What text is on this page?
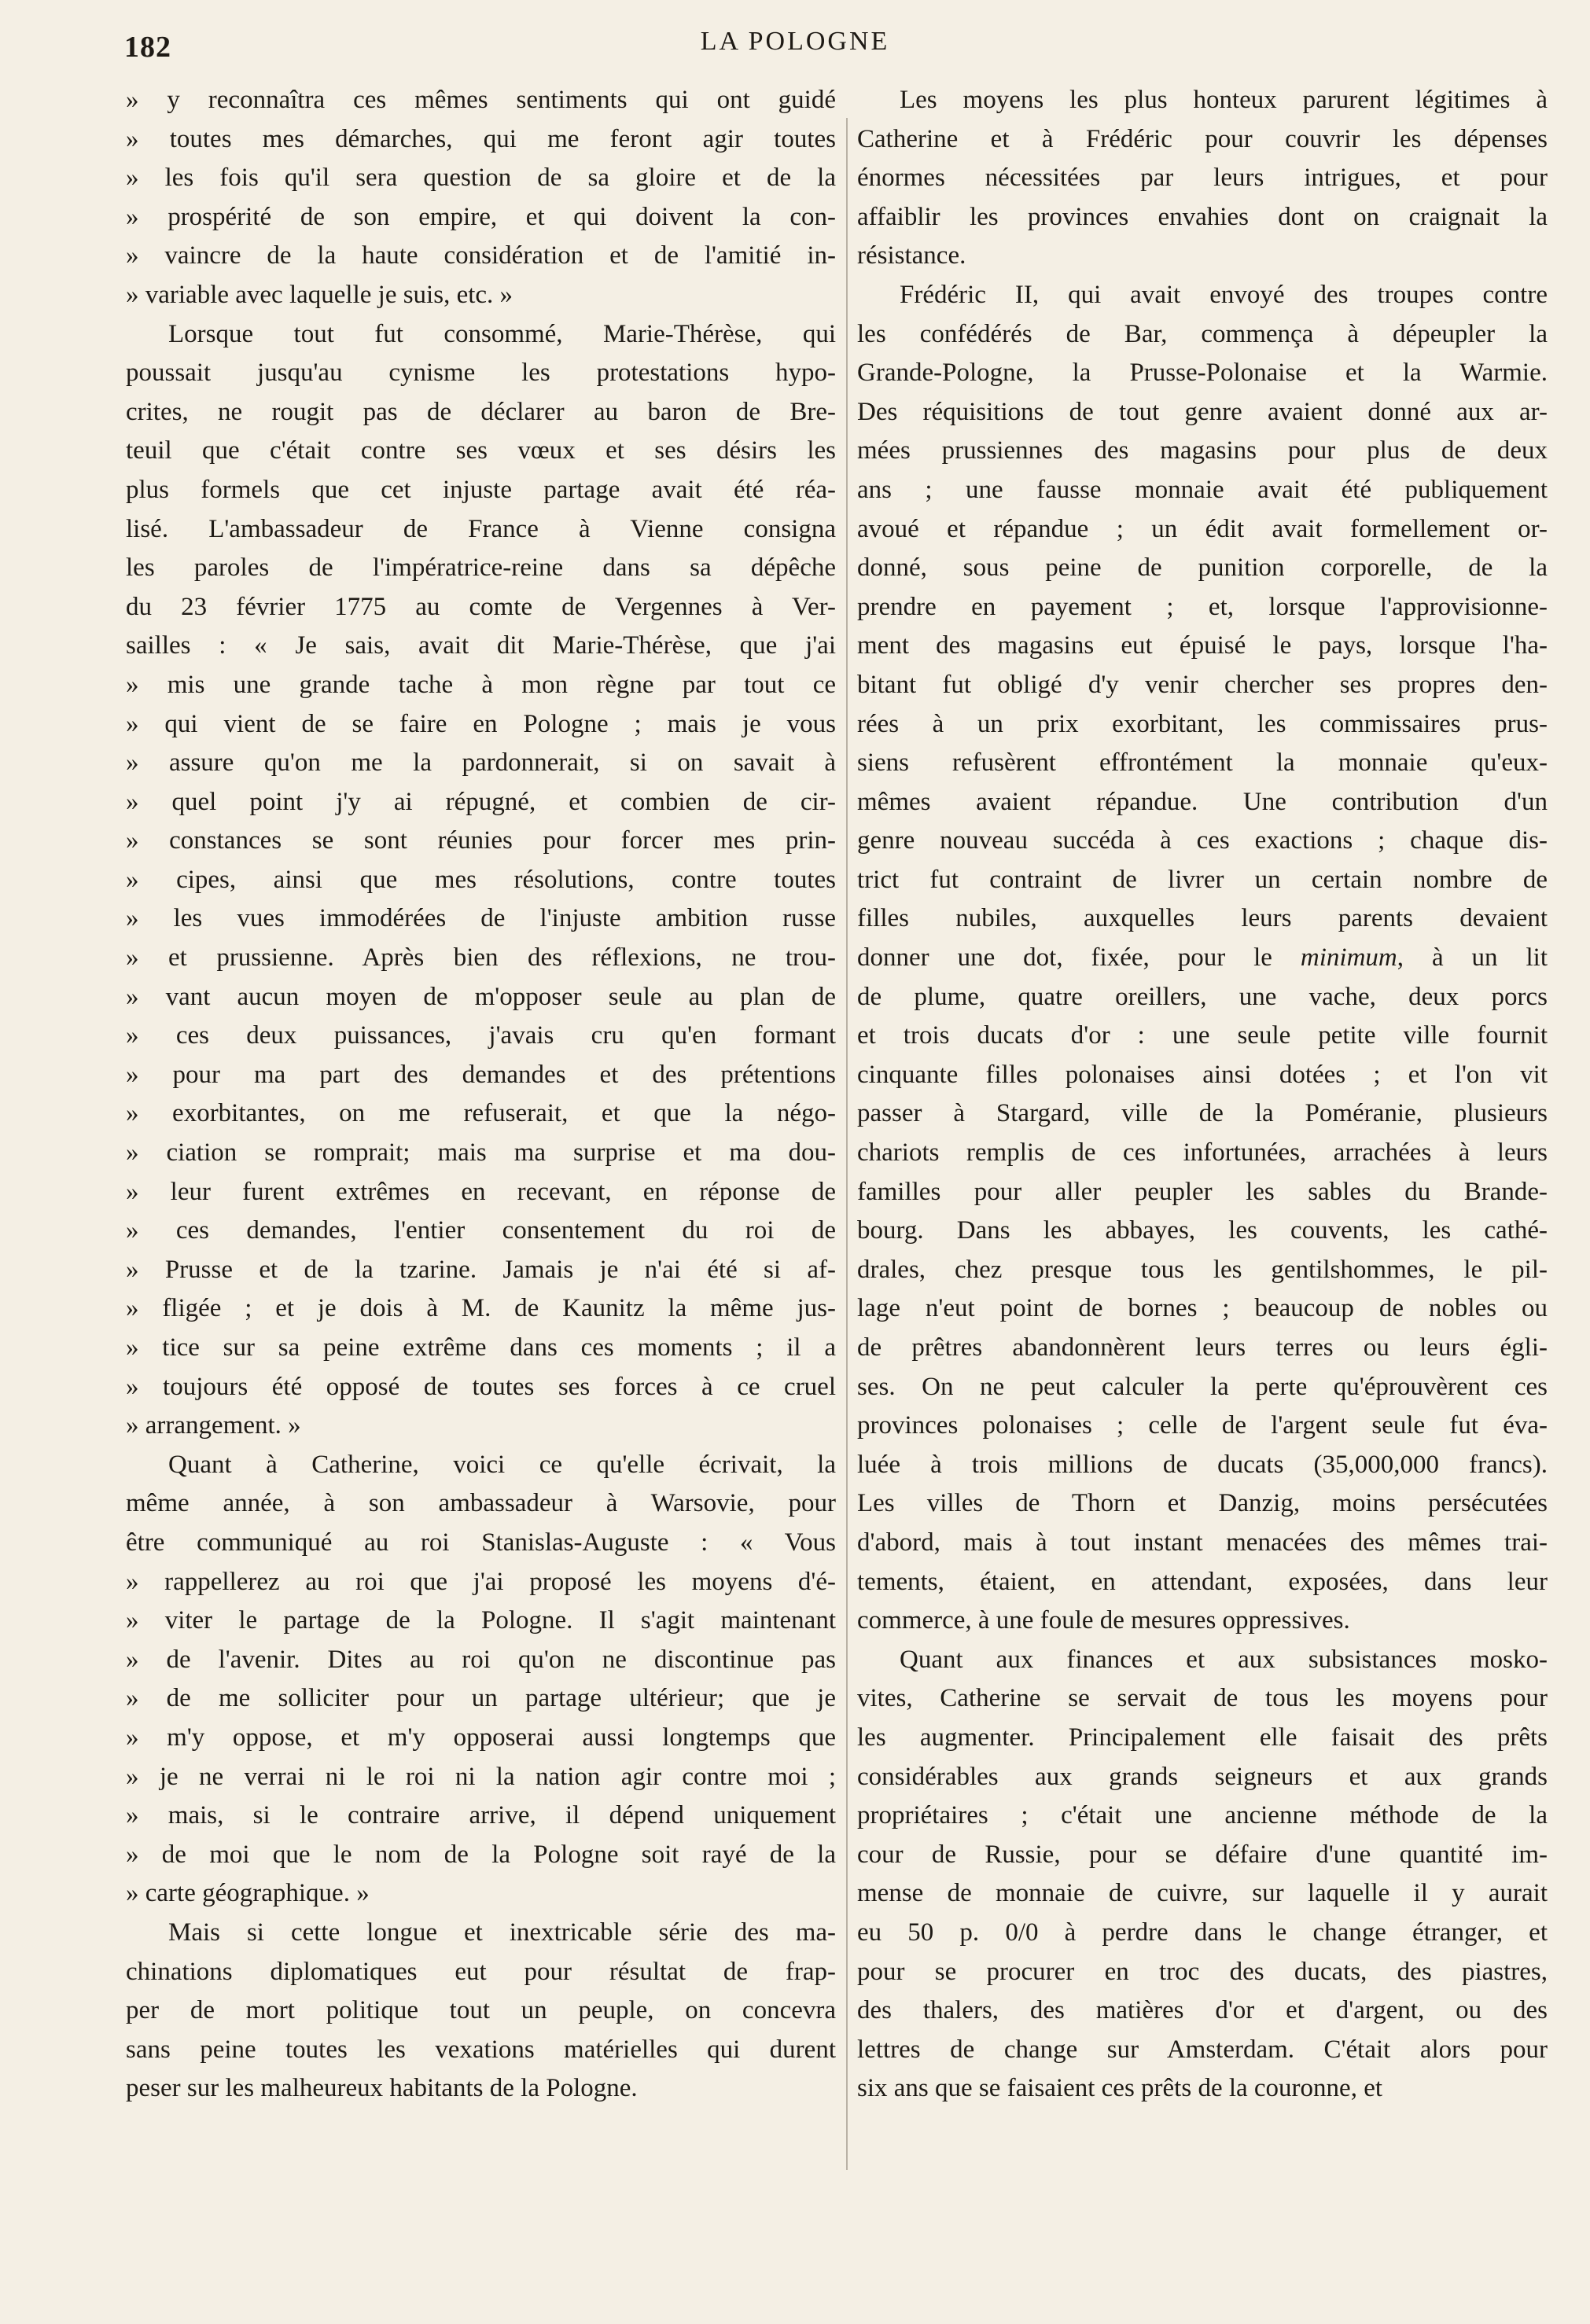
182	LA POLOGNE
» y reconnaîtra ces mêmes sentiments qui ont guidé
» toutes mes démarches, qui me feront agir toutes
» les fois qu'il sera question de sa gloire et de la
» prospérité de son empire, et qui doivent la con-
» vaincre de la haute considération et de l'amitié in-
» variable avec laquelle je suis, etc. »
Lorsque tout fut consommé, Marie-Thérèse, qui
poussait jusqu'au cynisme les protestations hypo-
crites, ne rougit pas de déclarer au baron de Bre-
teuil que c'était contre ses vœux et ses désirs les
plus formels que cet injuste partage avait été réa-
lisé. L'ambassadeur de France à Vienne consigna
les paroles de l'impératrice-reine dans sa dépêche
du 23 février 1775 au comte de Vergennes à Ver-
sailles : « Je sais, avait dit Marie-Thérèse, que j'ai
» mis une grande tache à mon règne par tout ce
» qui vient de se faire en Pologne ; mais je vous
» assure qu'on me la pardonnerait, si on savait à
» quel point j'y ai répugné, et combien de cir-
» constances se sont réunies pour forcer mes prin-
» cipes, ainsi que mes résolutions, contre toutes
» les vues immodérées de l'injuste ambition russe
» et prussienne. Après bien des réflexions, ne trou-
» vant aucun moyen de m'opposer seule au plan de
» ces deux puissances, j'avais cru qu'en formant
» pour ma part des demandes et des prétentions
» exorbitantes, on me refuserait, et que la négo-
» ciation se romprait; mais ma surprise et ma dou-
» leur furent extrêmes en recevant, en réponse de
» ces demandes, l'entier consentement du roi de
» Prusse et de la tzarine. Jamais je n'ai été si af-
» fligée ; et je dois à M. de Kaunitz la même jus-
» tice sur sa peine extrême dans ces moments ; il a
» toujours été opposé de toutes ses forces à ce cruel
» arrangement. »
Quant à Catherine, voici ce qu'elle écrivait, la
même année, à son ambassadeur à Warsovie, pour
être communiqué au roi Stanislas-Auguste : « Vous
» rappellerez au roi que j'ai proposé les moyens d'é-
» viter le partage de la Pologne. Il s'agit maintenant
» de l'avenir. Dites au roi qu'on ne discontinue pas
» de me solliciter pour un partage ultérieur; que je
» m'y oppose, et m'y opposerai aussi longtemps que
» je ne verrai ni le roi ni la nation agir contre moi ;
» mais, si le contraire arrive, il dépend uniquement
» de moi que le nom de la Pologne soit rayé de la
» carte géographique. »
Mais si cette longue et inextricable série des ma-
chinations diplomatiques eut pour résultat de frap-
per de mort politique tout un peuple, on concevra
sans peine toutes les vexations matérielles qui durent
peser sur les malheureux habitants de la Pologne.
Les moyens les plus honteux parurent légitimes à
Catherine et à Frédéric pour couvrir les dépenses
énormes nécessitées par leurs intrigues, et pour
affaiblir les provinces envahies dont on craignait la
résistance.
Frédéric II, qui avait envoyé des troupes contre
les confédérés de Bar, commença à dépeupler la
Grande-Pologne, la Prusse-Polonaise et la Warmie.
Des réquisitions de tout genre avaient donné aux ar-
mées prussiennes des magasins pour plus de deux
ans ; une fausse monnaie avait été publiquement
avoué et répandue ; un édit avait formellement or-
donné, sous peine de punition corporelle, de la
prendre en payement ; et, lorsque l'approvisionne-
ment des magasins eut épuisé le pays, lorsque l'ha-
bitant fut obligé d'y venir chercher ses propres den-
rées à un prix exorbitant, les commissaires prus-
siens refusèrent effrontément la monnaie qu'eux-
mêmes avaient répandue. Une contribution d'un
genre nouveau succéda à ces exactions ; chaque dis-
trict fut contraint de livrer un certain nombre de
filles nubiles, auxquelles leurs parents devaient
donner une dot, fixée, pour le minimum, à un lit
de plume, quatre oreillers, une vache, deux porcs
et trois ducats d'or : une seule petite ville fournit
cinquante filles polonaises ainsi dotées ; et l'on vit
passer à Stargard, ville de la Poméranie, plusieurs
chariots remplis de ces infortunées, arrachées à leurs
familles pour aller peupler les sables du Brande-
bourg. Dans les abbayes, les couvents, les cathé-
drales, chez presque tous les gentilshommes, le pil-
lage n'eut point de bornes ; beaucoup de nobles ou
de prêtres abandonnèrent leurs terres ou leurs égli-
ses. On ne peut calculer la perte qu'éprouvèrent ces
provinces polonaises ; celle de l'argent seule fut éva-
luée à trois millions de ducats (35,000,000 francs).
Les villes de Thorn et Danzig, moins persécutées
d'abord, mais à tout instant menacées des mêmes trai-
tements, étaient, en attendant, exposées, dans leur
commerce, à une foule de mesures oppressives.
Quant aux finances et aux subsistances mosko-
vites, Catherine se servait de tous les moyens pour
les augmenter. Principalement elle faisait des prêts
considérables aux grands seigneurs et aux grands
propriétaires ; c'était une ancienne méthode de la
cour de Russie, pour se défaire d'une quantité im-
mense de monnaie de cuivre, sur laquelle il y aurait
eu 50 p. 0/0 à perdre dans le change étranger, et
pour se procurer en troc des ducats, des piastres,
des thalers, des matières d'or et d'argent, ou des
lettres de change sur Amsterdam. C'était alors pour
six ans que se faisaient ces prêts de la couronne, et
